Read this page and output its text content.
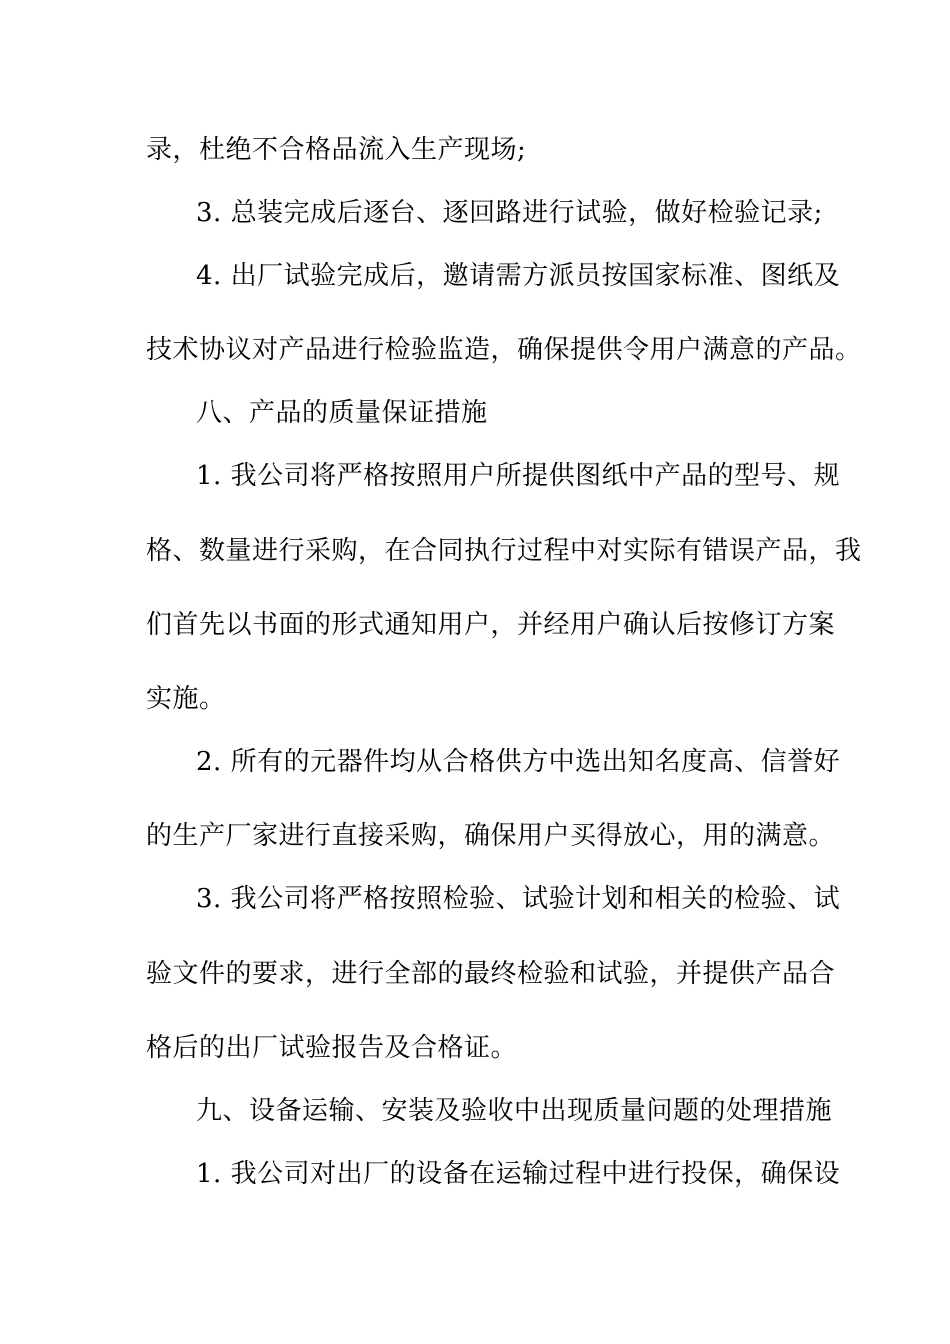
录，杜绝不合格品流入生产现场;
3. 总装完成后逐台、逐回路进行试验，做好检验记录;
4. 出厂试验完成后，邀请需方派员按国家标准、图纸及
技术协议对产品进行检验监造，确保提供令用户满意的产品。
八、产品的质量保证措施
1. 我公司将严格按照用户所提供图纸中产品的型号、规
格、数量进行采购，在合同执行过程中对实际有错误产品，我
们首先以书面的形式通知用户，并经用户确认后按修订方案
实施。
2. 所有的元器件均从合格供方中选出知名度高、信誉好
的生产厂家进行直接采购，确保用户买得放心，用的满意。
3. 我公司将严格按照检验、试验计划和相关的检验、试
验文件的要求，进行全部的最终检验和试验，并提供产品合
格后的出厂试验报告及合格证。
九、设备运输、安装及验收中出现质量问题的处理措施
1. 我公司对出厂的设备在运输过程中进行投保，确保设
